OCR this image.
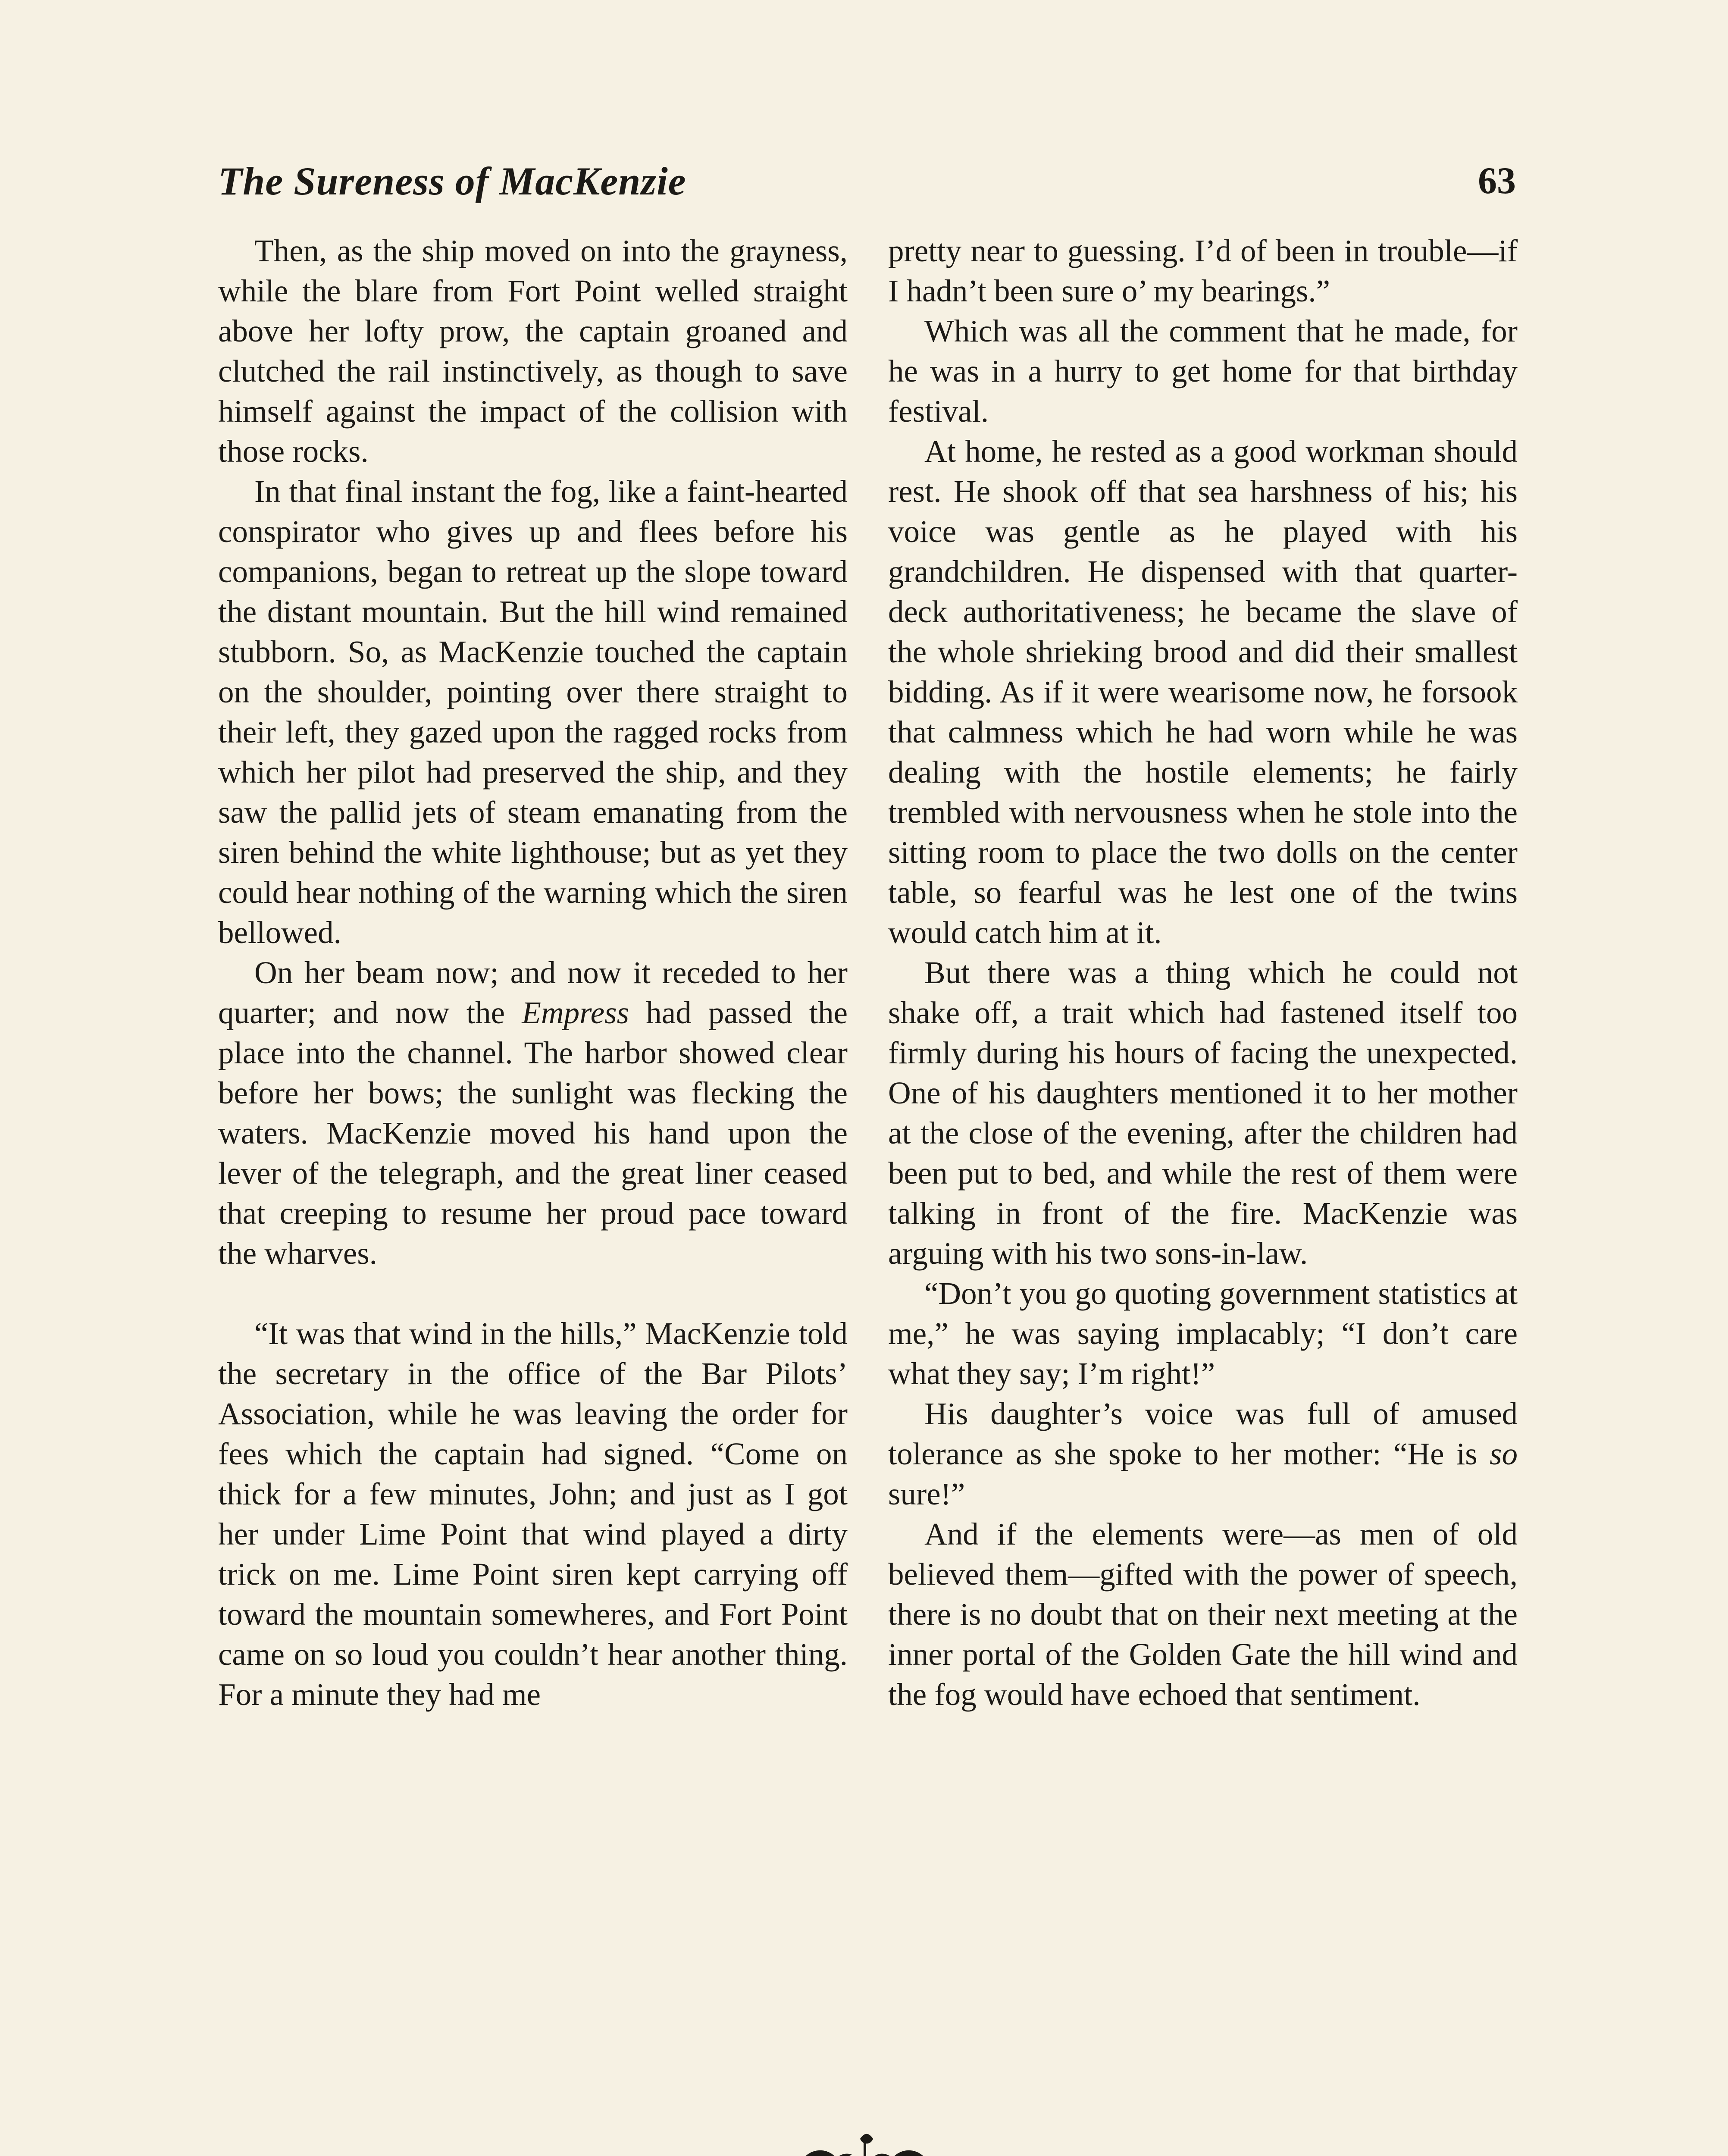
The Sureness of MacKenzie	63

Then, as the ship moved on into the grayness, while the blare from Fort Point welled straight above her lofty prow, the captain groaned and clutched the rail instinctively, as though to save himself against the impact of the collision with those rocks.

In that final instant the fog, like a faint-hearted conspirator who gives up and flees before his companions, began to retreat up the slope toward the distant mountain. But the hill wind remained stubborn. So, as MacKenzie touched the captain on the shoulder, pointing over there straight to their left, they gazed upon the ragged rocks from which her pilot had preserved the ship, and they saw the pallid jets of steam emanating from the siren behind the white lighthouse; but as yet they could hear nothing of the warning which the siren bellowed.

On her beam now; and now it receded to her quarter; and now the Empress had passed the place into the channel. The harbor showed clear before her bows; the sunlight was flecking the waters. MacKenzie moved his hand upon the lever of the telegraph, and the great liner ceased that creeping to resume her proud pace toward the wharves.

“It was that wind in the hills,” MacKenzie told the secretary in the office of the Bar Pilots’ Association, while he was leaving the order for fees which the captain had signed. “Come on thick for a few minutes, John; and just as I got her under Lime Point that wind played a dirty trick on me. Lime Point siren kept carrying off toward the mountain somewheres, and Fort Point came on so loud you couldn’t hear another thing. For a minute they had me

pretty near to guessing. I’d of been in trouble—if I hadn’t been sure o’ my bearings.”

Which was all the comment that he made, for he was in a hurry to get home for that birthday festival.

At home, he rested as a good workman should rest. He shook off that sea harshness of his; his voice was gentle as he played with his grandchildren. He dispensed with that quarter-deck authoritativeness; he became the slave of the whole shrieking brood and did their smallest bidding. As if it were wearisome now, he forsook that calmness which he had worn while he was dealing with the hostile elements; he fairly trembled with nervousness when he stole into the sitting room to place the two dolls on the center table, so fearful was he lest one of the twins would catch him at it.

But there was a thing which he could not shake off, a trait which had fastened itself too firmly during his hours of facing the unexpected. One of his daughters mentioned it to her mother at the close of the evening, after the children had been put to bed, and while the rest of them were talking in front of the fire. MacKenzie was arguing with his two sons-in-law.

“Don’t you go quoting government statistics at me,” he was saying implacably; “I don’t care what they say; I’m right!”

His daughter’s voice was full of amused tolerance as she spoke to her mother: “He is so sure!”

And if the elements were—as men of old believed them—gifted with the power of speech, there is no doubt that on their next meeting at the inner portal of the Golden Gate the hill wind and the fog would have echoed that sentiment.
